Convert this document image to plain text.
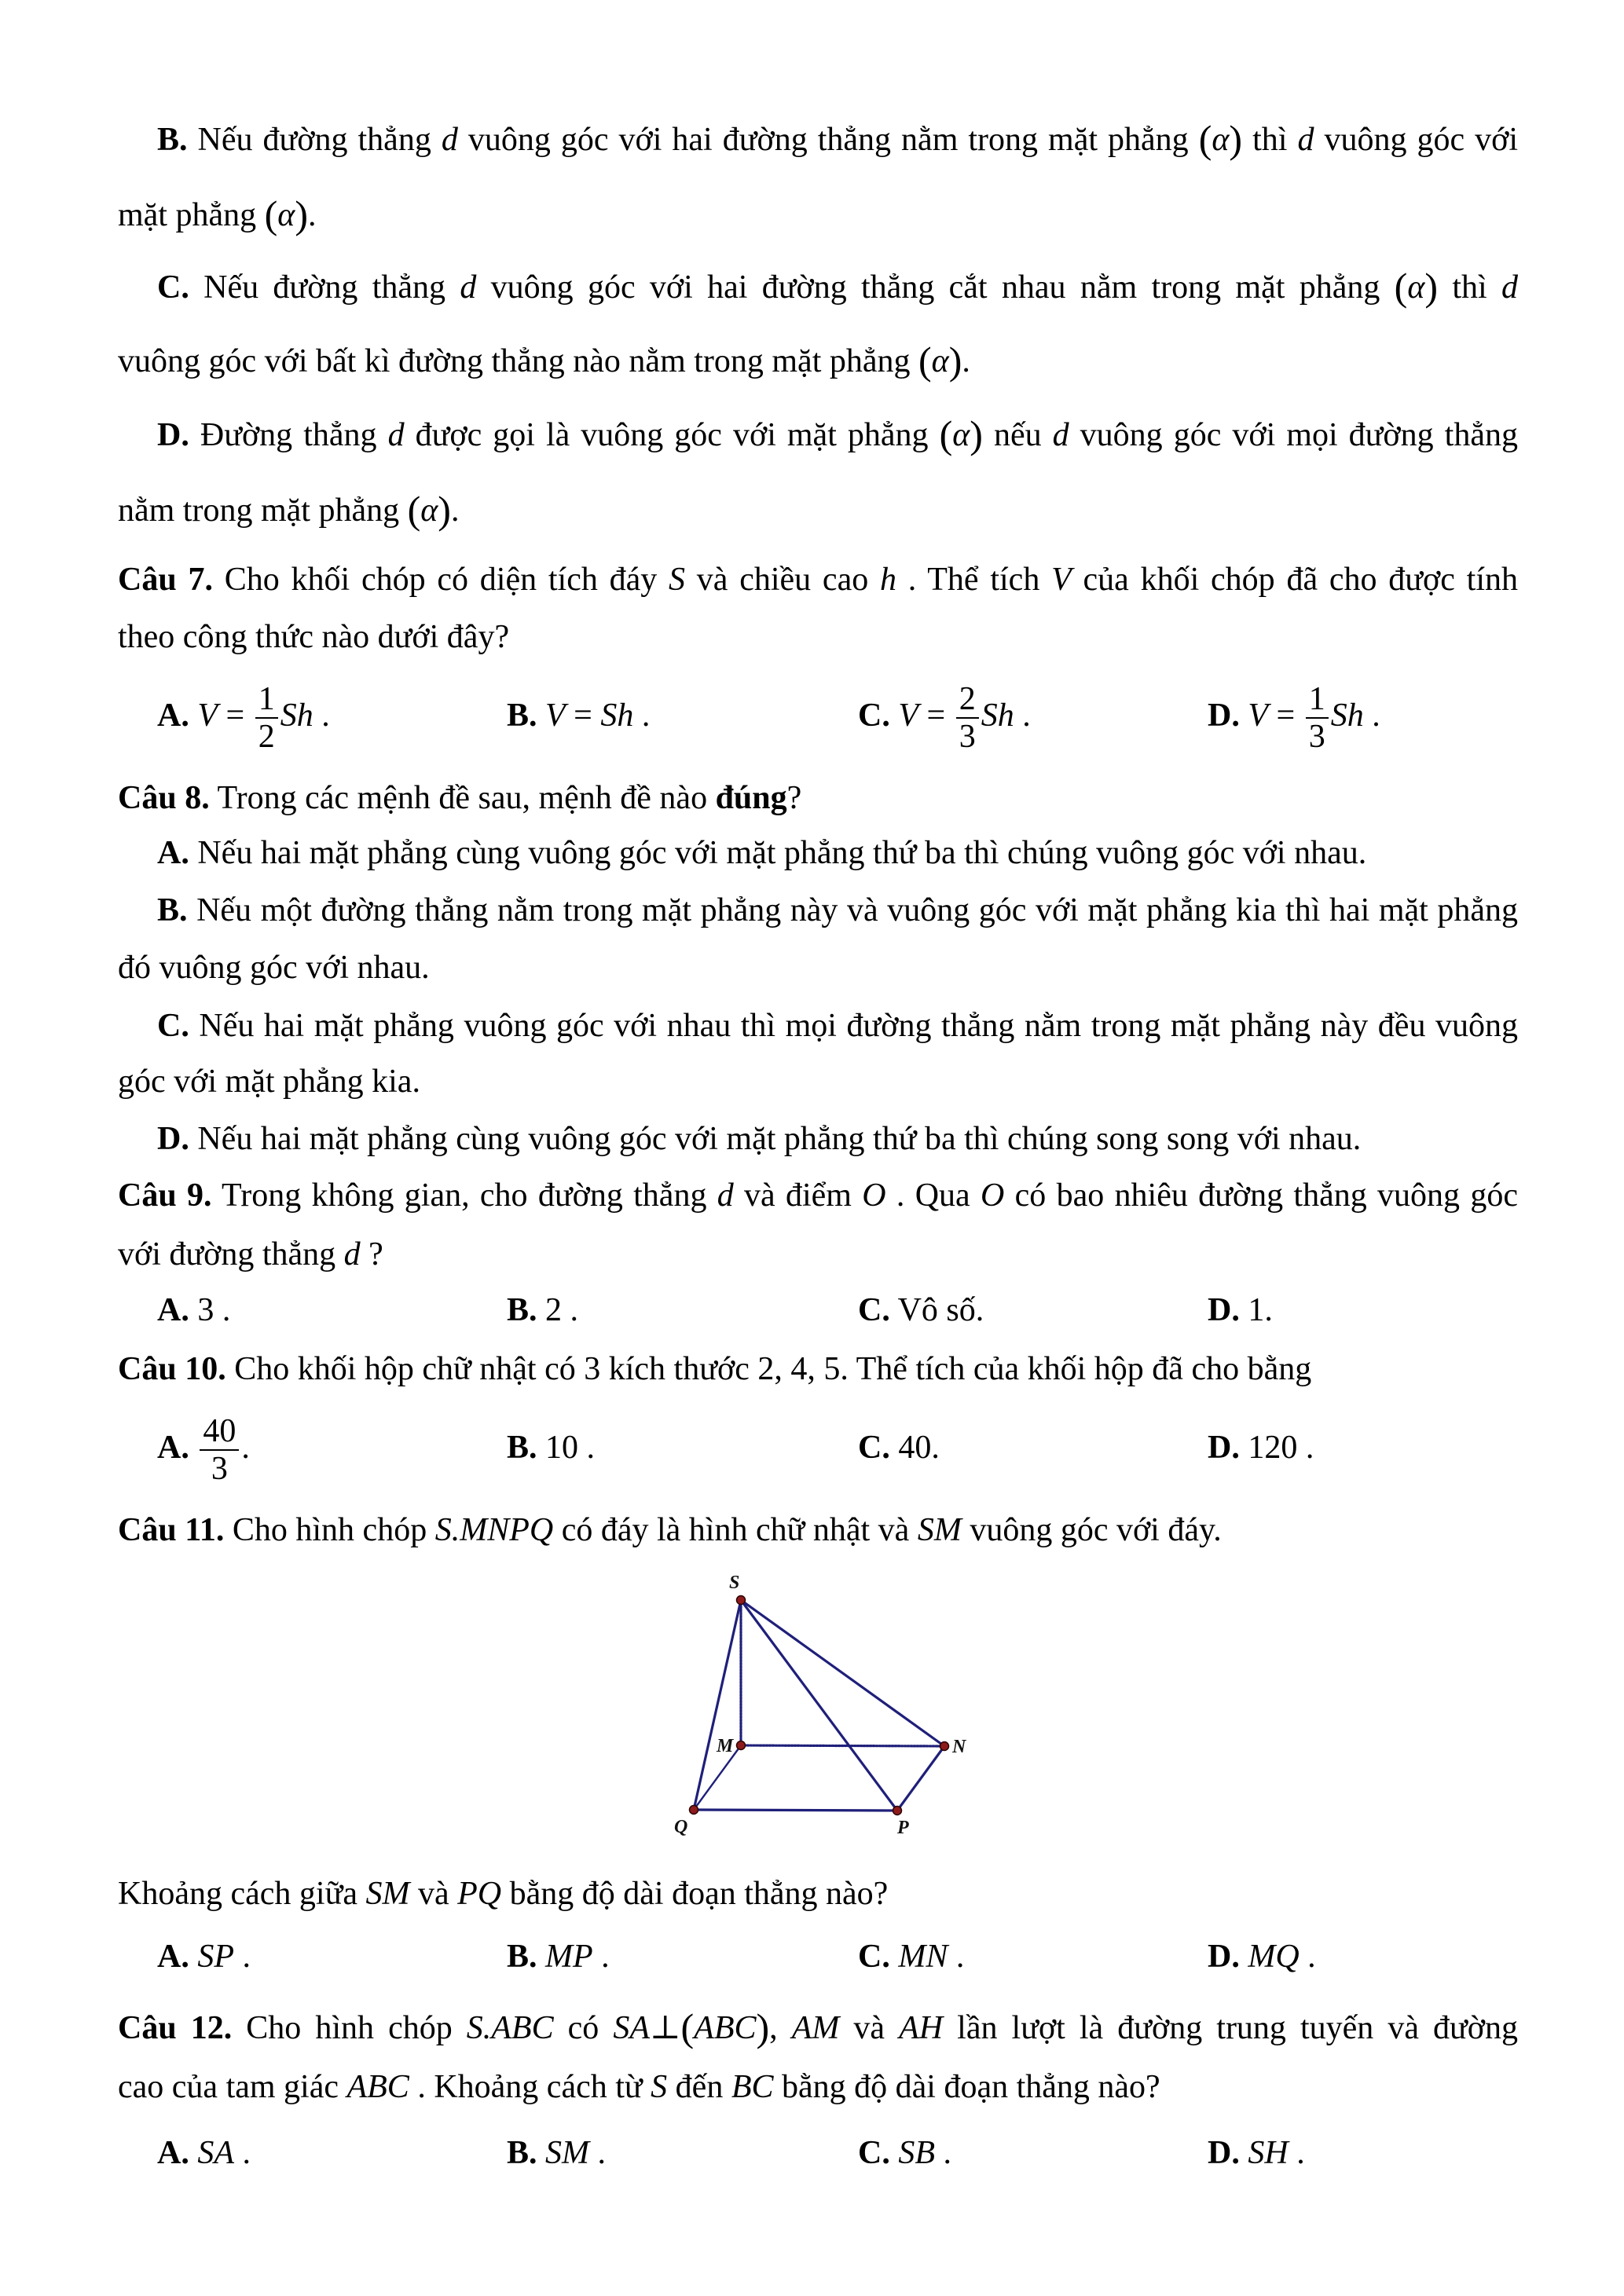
S
M	N
Q	P
B. Nếu đường thẳng d vuông góc với hai đường thẳng nằm trong mặt phẳng (α) thì d vuông góc với
mặt phẳng (α).
C. Nếu đường thẳng d vuông góc với hai đường thẳng cắt nhau nằm trong mặt phẳng (α) thì d
vuông góc với bất kì đường thẳng nào nằm trong mặt phẳng (α).
D. Đường thẳng d được gọi là vuông góc với mặt phẳng (α) nếu d vuông góc với mọi đường thẳng
nằm trong mặt phẳng (α).
Câu 7. Cho khối chóp có diện tích đáy S và chiều cao h . Thể tích V của khối chóp đã cho được tính
theo công thức nào dưới đây?
A. $V = \frac{1}{2}$ Sh .	B. V = Sh .	C. $V = \frac{2}{3}$ Sh .	D. $V = \frac{1}{3}$ Sh .
Câu 8. Trong các mệnh đề sau, mệnh đề nào đúng?
A. Nếu hai mặt phẳng cùng vuông góc với mặt phẳng thứ ba thì chúng vuông góc với nhau.
B. Nếu một đường thẳng nằm trong mặt phẳng này và vuông góc với mặt phẳng kia thì hai mặt phẳng
đó vuông góc với nhau.
C. Nếu hai mặt phẳng vuông góc với nhau thì mọi đường thẳng nằm trong mặt phẳng này đều vuông
góc với mặt phẳng kia.
D. Nếu hai mặt phẳng cùng vuông góc với mặt phẳng thứ ba thì chúng song song với nhau.
Câu 9. Trong không gian, cho đường thẳng d và điểm O . Qua O có bao nhiêu đường thẳng vuông góc
với đường thẳng d ?
A. 3 .	B. 2 .	C. Vô số.	D. 1.
Câu 10. Cho khối hộp chữ nhật có 3 kích thước 2, 4, 5. Thể tích của khối hộp đã cho bằng
A. $\frac{40}{3}$ .	B. 10 .	C. 40.	D. 120 .
Câu 11. Cho hình chóp S.MNPQ có đáy là hình chữ nhật và SM vuông góc với đáy.
Khoảng cách giữa SM và PQ bằng độ dài đoạn thẳng nào?
A. SP .	B. MP .	C. MN .	D. MQ .
Câu 12. Cho hình chóp S.ABC có SA⊥(ABC), AM và AH lần lượt là đường trung tuyến và đường
cao của tam giác ABC . Khoảng cách từ S đến BC bằng độ dài đoạn thẳng nào?
A. SA .	B. SM .	C. SB .	D. SH .
